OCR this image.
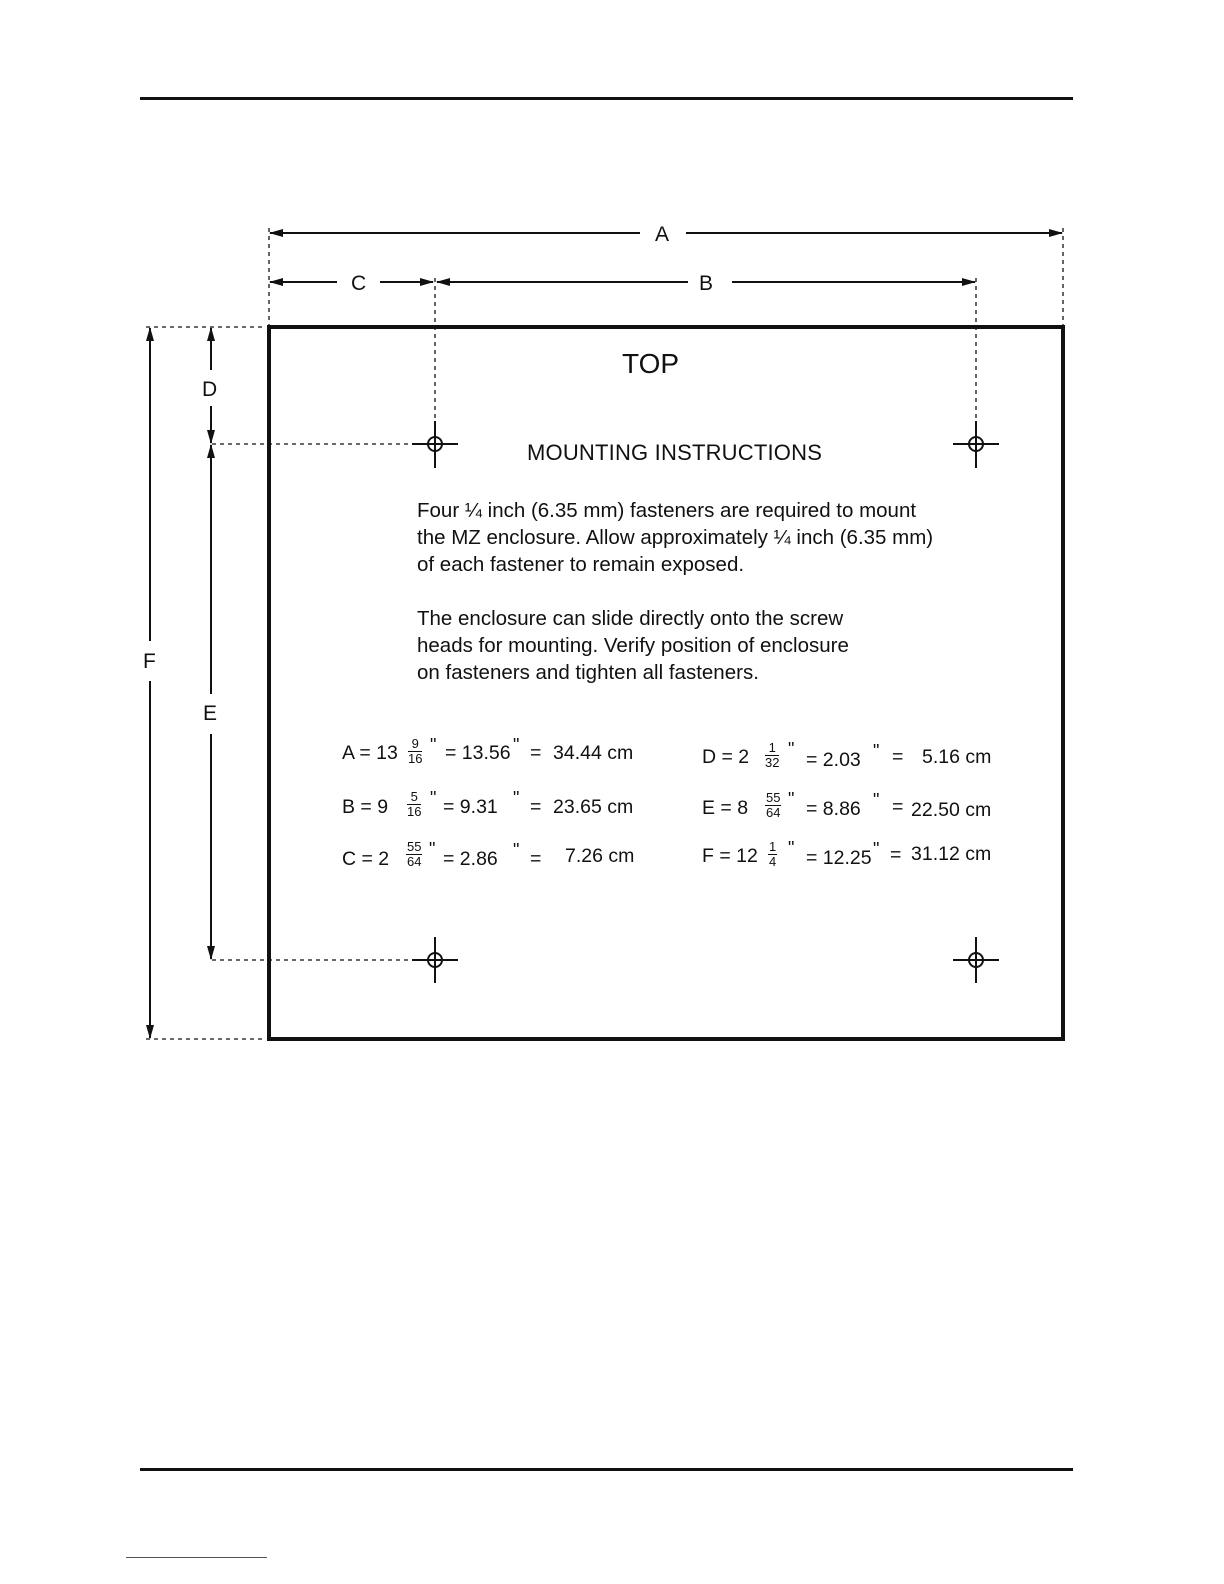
A
C	B
D
F
E
TOP
MOUNTING INSTRUCTIONS
Four ¼ inch (6.35 mm) fasteners are required to mount
the MZ enclosure. Allow approximately ¼ inch (6.35 mm)
of each fastener to remain exposed.
The enclosure can slide directly onto the screw
heads for mounting. Verify position of enclosure
on fasteners and tighten all fasteners.
$A = 13 \frac{9}{16}$ " = 13.56 " = 34.44 cm
$B = 9 \frac{5}{16}$ " = 9.31 " = 23.65 cm
$C = 2 \frac{55}{64}$ " = 2.86 " = 7.26 cm
$D = 2 \frac{1}{32}$ " = 2.03 " = 5.16 cm
$E = 8 \frac{55}{64}$ " = 8.86 " = 22.50 cm
$F = 12 \frac{1}{4}$ " = 12.25 " = 31.12 cm
